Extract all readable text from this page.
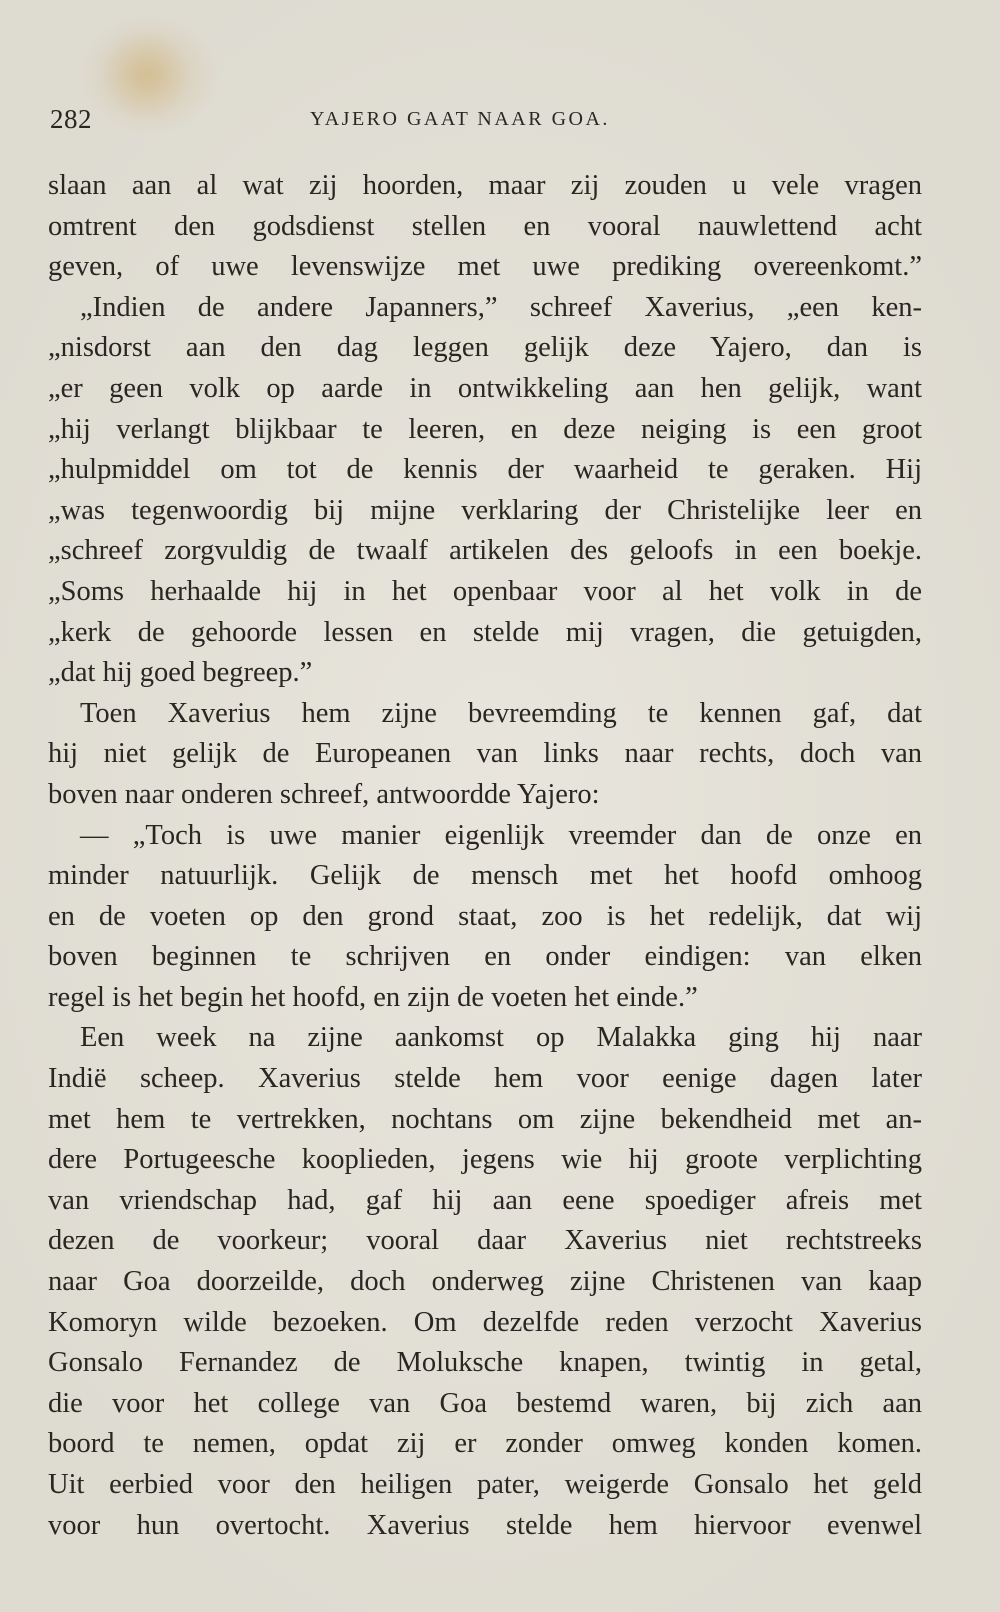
282	YAJERO GAAT NAAR GOA.
slaan aan al wat zij hoorden, maar zij zouden u vele vragen
omtrent den godsdienst stellen en vooral nauwlettend acht
geven, of uwe levenswijze met uwe prediking overeenkomt.”
„Indien de andere Japanners,” schreef Xaverius, „een ken-
„nisdorst aan den dag leggen gelijk deze Yajero, dan is
„er geen volk op aarde in ontwikkeling aan hen gelijk, want
„hij verlangt blijkbaar te leeren, en deze neiging is een groot
„hulpmiddel om tot de kennis der waarheid te geraken. Hij
„was tegenwoordig bij mijne verklaring der Christelijke leer en
„schreef zorgvuldig de twaalf artikelen des geloofs in een boekje.
„Soms herhaalde hij in het openbaar voor al het volk in de
„kerk de gehoorde lessen en stelde mij vragen, die getuigden,
„dat hij goed begreep.”
Toen Xaverius hem zijne bevreemding te kennen gaf, dat
hij niet gelijk de Europeanen van links naar rechts, doch van
boven naar onderen schreef, antwoordde Yajero:
— „Toch is uwe manier eigenlijk vreemder dan de onze en
minder natuurlijk. Gelijk de mensch met het hoofd omhoog
en de voeten op den grond staat, zoo is het redelijk, dat wij
boven beginnen te schrijven en onder eindigen: van elken
regel is het begin het hoofd, en zijn de voeten het einde.”
Een week na zijne aankomst op Malakka ging hij naar
Indië scheep. Xaverius stelde hem voor eenige dagen later
met hem te vertrekken, nochtans om zijne bekendheid met an-
dere Portugeesche kooplieden, jegens wie hij groote verplichting
van vriendschap had, gaf hij aan eene spoediger afreis met
dezen de voorkeur; vooral daar Xaverius niet rechtstreeks
naar Goa doorzeilde, doch onderweg zijne Christenen van kaap
Komoryn wilde bezoeken. Om dezelfde reden verzocht Xaverius
Gonsalo Fernandez de Moluksche knapen, twintig in getal,
die voor het college van Goa bestemd waren, bij zich aan
boord te nemen, opdat zij er zonder omweg konden komen.
Uit eerbied voor den heiligen pater, weigerde Gonsalo het geld
voor hun overtocht. Xaverius stelde hem hiervoor evenwel
